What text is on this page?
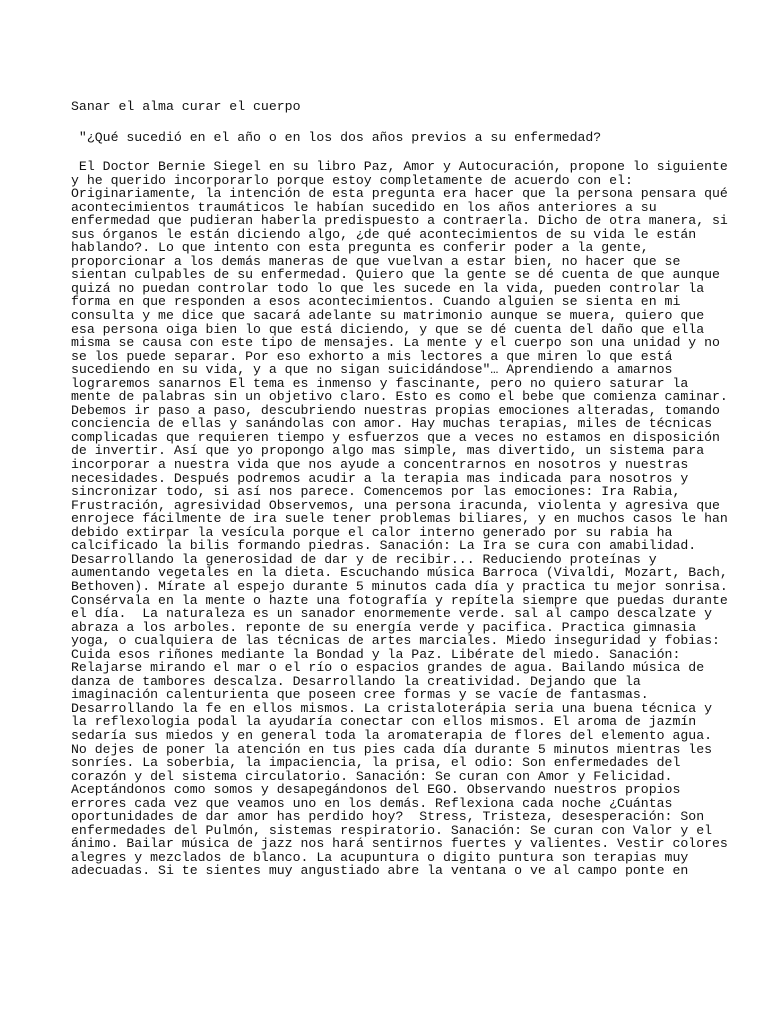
Sanar el alma curar el cuerpo

"¿Qué sucedió en el año o en los dos años previos a su enfermedad?

El Doctor Bernie Siegel en su libro Paz, Amor y Autocuración, propone lo siguiente
y he querido incorporarlo porque estoy completamente de acuerdo con el:
Originariamente, la intención de esta pregunta era hacer que la persona pensara qué
acontecimientos traumáticos le habían sucedido en los años anteriores a su
enfermedad que pudieran haberla predispuesto a contraerla. Dicho de otra manera, si
sus órganos le están diciendo algo, ¿de qué acontecimientos de su vida le están
hablando?. Lo que intento con esta pregunta es conferir poder a la gente,
proporcionar a los demás maneras de que vuelvan a estar bien, no hacer que se
sientan culpables de su enfermedad. Quiero que la gente se dé cuenta de que aunque
quizá no puedan controlar todo lo que les sucede en la vida, pueden controlar la
forma en que responden a esos acontecimientos. Cuando alguien se sienta en mi
consulta y me dice que sacará adelante su matrimonio aunque se muera, quiero que
esa persona oiga bien lo que está diciendo, y que se dé cuenta del daño que ella
misma se causa con este tipo de mensajes. La mente y el cuerpo son una unidad y no
se los puede separar. Por eso exhorto a mis lectores a que miren lo que está
sucediendo en su vida, y a que no sigan suicidándose"… Aprendiendo a amarnos
lograremos sanarnos El tema es inmenso y fascinante, pero no quiero saturar la
mente de palabras sin un objetivo claro. Esto es como el bebe que comienza caminar.
Debemos ir paso a paso, descubriendo nuestras propias emociones alteradas, tomando
conciencia de ellas y sanándolas con amor. Hay muchas terapias, miles de técnicas
complicadas que requieren tiempo y esfuerzos que a veces no estamos en disposición
de invertir. Así que yo propongo algo mas simple, mas divertido, un sistema para
incorporar a nuestra vida que nos ayude a concentrarnos en nosotros y nuestras
necesidades. Después podremos acudir a la terapia mas indicada para nosotros y
sincronizar todo, si así nos parece. Comencemos por las emociones: Ira Rabia,
Frustración, agresividad Observemos, una persona iracunda, violenta y agresiva que
enrojece fácilmente de ira suele tener problemas biliares, y en muchos casos le han
debido extirpar la vesícula porque el calor interno generado por su rabia ha
calcificado la bilis formando piedras. Sanación: La Ira se cura con amabilidad.
Desarrollando la generosidad de dar y de recibir... Reduciendo proteínas y
aumentando vegetales en la dieta. Escuchando música Barroca (Vivaldi, Mozart, Bach,
Bethoven). Mírate al espejo durante 5 minutos cada día y practica tu mejor sonrisa.
Consérvala en la mente o hazte una fotografía y repítela siempre que puedas durante
el día.  La naturaleza es un sanador enormemente verde. sal al campo descalzate y
abraza a los arboles. reponte de su energía verde y pacifica. Practica gimnasia
yoga, o cualquiera de las técnicas de artes marciales. Miedo inseguridad y fobias:
Cuida esos riñones mediante la Bondad y la Paz. Libérate del miedo. Sanación:
Relajarse mirando el mar o el río o espacios grandes de agua. Bailando música de
danza de tambores descalza. Desarrollando la creatividad. Dejando que la
imaginación calenturienta que poseen cree formas y se vacíe de fantasmas.
Desarrollando la fe en ellos mismos. La cristaloterápia seria una buena técnica y
la reflexologia podal la ayudaría conectar con ellos mismos. El aroma de jazmín
sedaría sus miedos y en general toda la aromaterapia de flores del elemento agua.
No dejes de poner la atención en tus pies cada día durante 5 minutos mientras les
sonríes. La soberbia, la impaciencia, la prisa, el odio: Son enfermedades del
corazón y del sistema circulatorio. Sanación: Se curan con Amor y Felicidad.
Aceptándonos como somos y desapegándonos del EGO. Observando nuestros propios
errores cada vez que veamos uno en los demás. Reflexiona cada noche ¿Cuántas
oportunidades de dar amor has perdido hoy?  Stress, Tristeza, desesperación: Son
enfermedades del Pulmón, sistemas respiratorio. Sanación: Se curan con Valor y el
ánimo. Bailar música de jazz nos hará sentirnos fuertes y valientes. Vestir colores
alegres y mezclados de blanco. La acupuntura o digito puntura son terapias muy
adecuadas. Si te sientes muy angustiado abre la ventana o ve al campo ponte en
